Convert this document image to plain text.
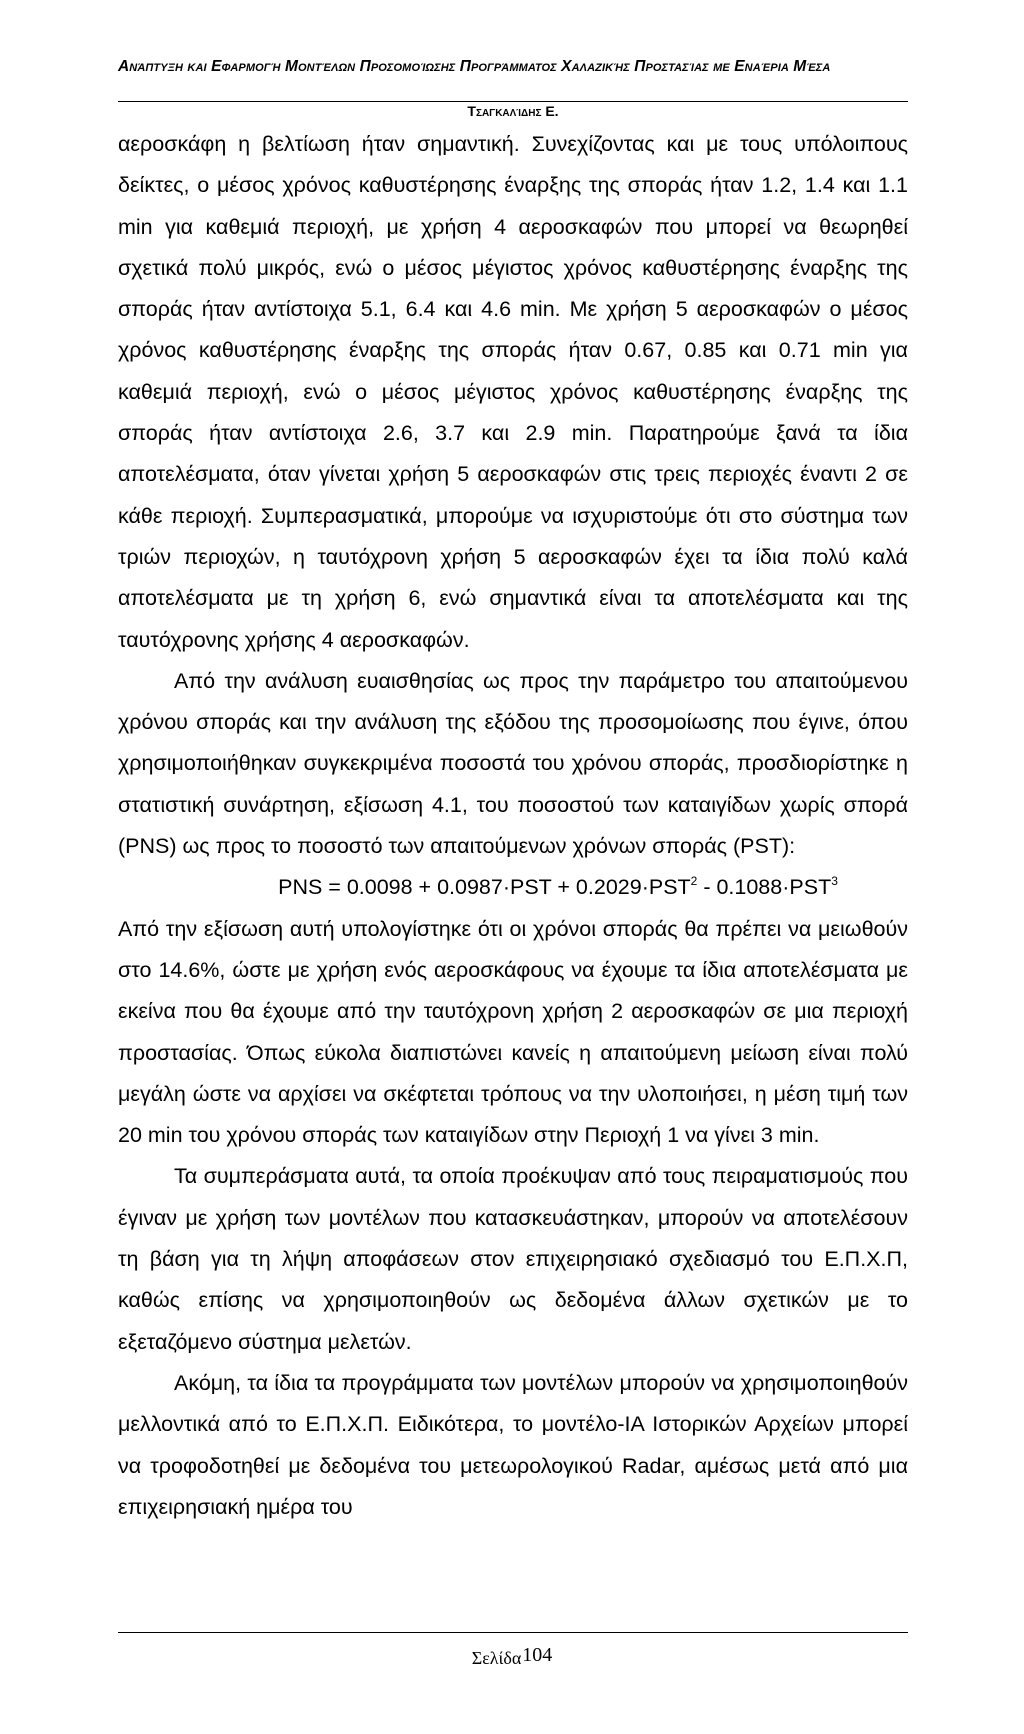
Ανάπτυξη και Εφαρμογή Μοντέλων Προσομοίωσης Προγράμματος Χαλαζικής Προστασίας με Εναέρια Μέσα
Τσαγκαλίδης Ε.

αεροσκάφη η βελτίωση ήταν σημαντική. Συνεχίζοντας και με τους υπόλοιπους δείκτες, ο μέσος χρόνος καθυστέρησης έναρξης της σποράς ήταν 1.2, 1.4 και 1.1 min για καθεμιά περιοχή, με χρήση 4 αεροσκαφών που μπορεί να θεωρηθεί σχετικά πολύ μικρός, ενώ ο μέσος μέγιστος χρόνος καθυστέρησης έναρξης της σποράς ήταν αντίστοιχα 5.1, 6.4 και 4.6 min. Με χρήση 5 αεροσκαφών ο μέσος χρόνος καθυστέρησης έναρξης της σποράς ήταν 0.67, 0.85 και 0.71 min για καθεμιά περιοχή, ενώ ο μέσος μέγιστος χρόνος καθυστέρησης έναρξης της σποράς ήταν αντίστοιχα 2.6, 3.7 και 2.9 min. Παρατηρούμε ξανά τα ίδια αποτελέσματα, όταν γίνεται χρήση 5 αεροσκαφών στις τρεις περιοχές έναντι 2 σε κάθε περιοχή. Συμπερασματικά, μπορούμε να ισχυριστούμε ότι στο σύστημα των τριών περιοχών, η ταυτόχρονη χρήση 5 αεροσκαφών έχει τα ίδια πολύ καλά αποτελέσματα με τη χρήση 6, ενώ σημαντικά είναι τα αποτελέσματα και της ταυτόχρονης χρήσης 4 αεροσκαφών.

Από την ανάλυση ευαισθησίας ως προς την παράμετρο του απαιτούμενου χρόνου σποράς και την ανάλυση της εξόδου της προσομοίωσης που έγινε, όπου χρησιμοποιήθηκαν συγκεκριμένα ποσοστά του χρόνου σποράς, προσδιορίστηκε η στατιστική συνάρτηση, εξίσωση 4.1, του ποσοστού των καταιγίδων χωρίς σπορά (PNS) ως προς το ποσοστό των απαιτούμενων χρόνων σποράς (PST):

PNS = $0.0098 + 0.0987\cdot PST + 0.2029\cdot PST^2 - 0.1088\cdot PST^3$

Από την εξίσωση αυτή υπολογίστηκε ότι οι χρόνοι σποράς θα πρέπει να μειωθούν στο 14.6%, ώστε με χρήση ενός αεροσκάφους να έχουμε τα ίδια αποτελέσματα με εκείνα που θα έχουμε από την ταυτόχρονη χρήση 2 αεροσκαφών σε μια περιοχή προστασίας. Όπως εύκολα διαπιστώνει κανείς η απαιτούμενη μείωση είναι πολύ μεγάλη ώστε να αρχίσει να σκέφτεται τρόπους να την υλοποιήσει, η μέση τιμή των 20 min του χρόνου σποράς των καταιγίδων στην Περιοχή 1 να γίνει 3 min.

Τα συμπεράσματα αυτά, τα οποία προέκυψαν από τους πειραματισμούς που έγιναν με χρήση των μοντέλων που κατασκευάστηκαν, μπορούν να αποτελέσουν τη βάση για τη λήψη αποφάσεων στον επιχειρησιακό σχεδιασμό του Ε.Π.Χ.Π, καθώς επίσης να χρησιμοποιηθούν ως δεδομένα άλλων σχετικών με το εξεταζόμενο σύστημα μελετών.

Ακόμη, τα ίδια τα προγράμματα των μοντέλων μπορούν να χρησιμοποιηθούν μελλοντικά από το Ε.Π.Χ.Π. Ειδικότερα, το μοντέλο-ΙΑ Ιστορικών Αρχείων μπορεί να τροφοδοτηθεί με δεδομένα του μετεωρολογικού Radar, αμέσως μετά από μια επιχειρησιακή ημέρα του

Σελίδα104
